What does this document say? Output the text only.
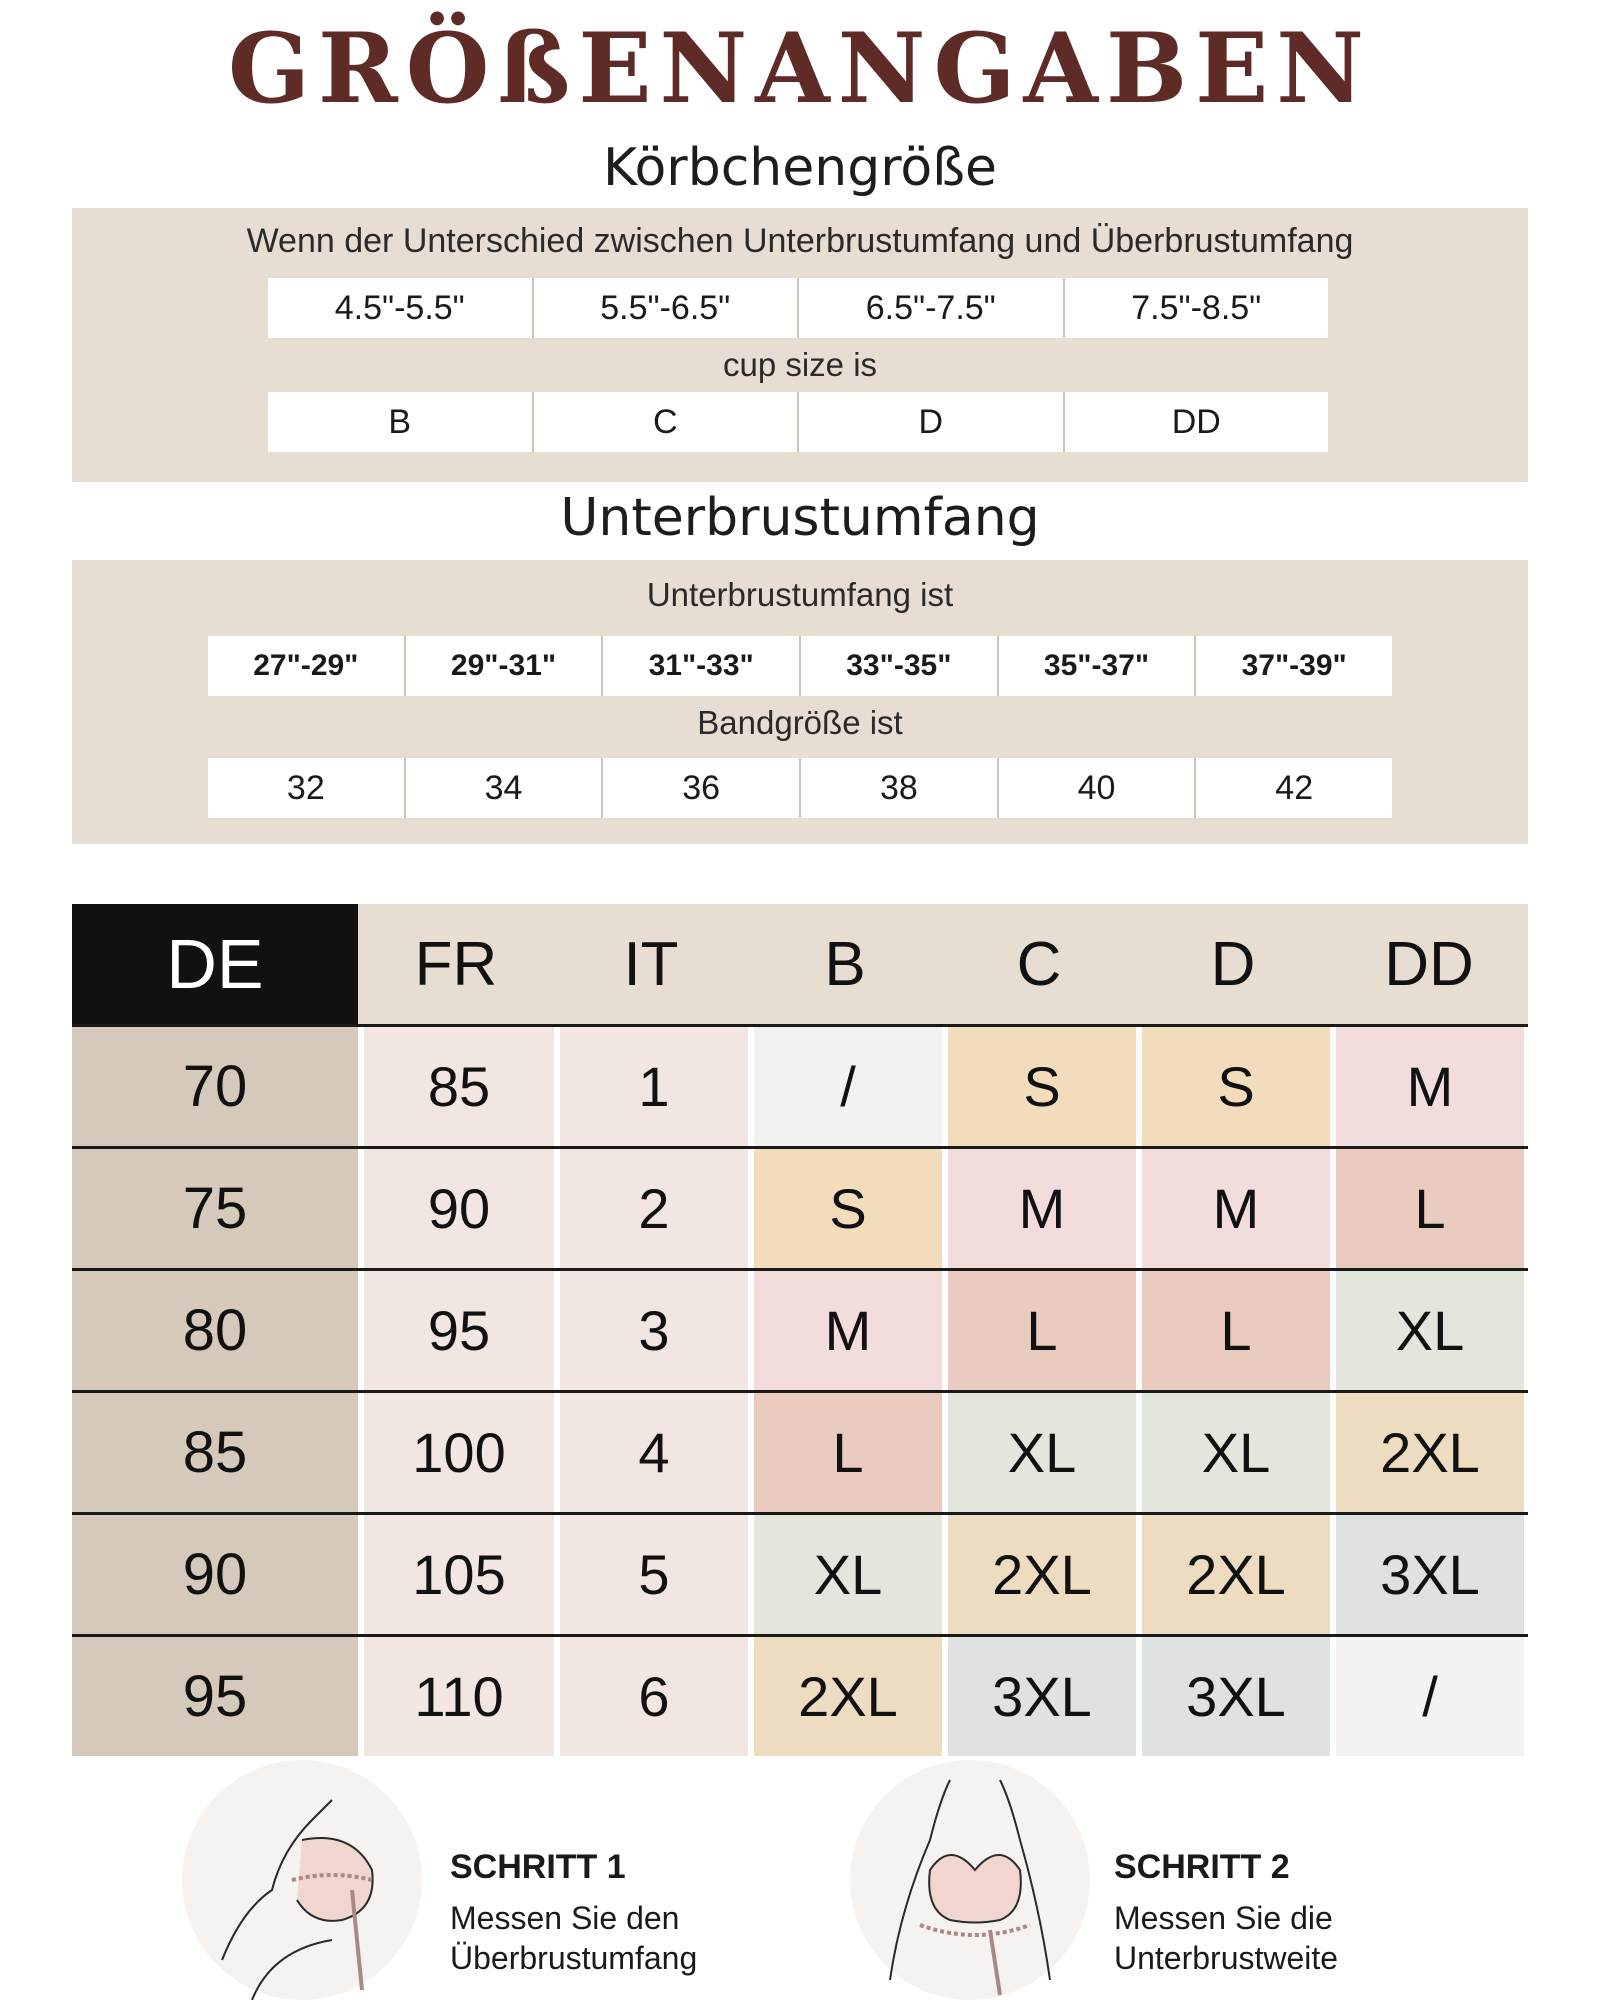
GRÖßENANGABEN
Körbchengröße
Wenn der Unterschied zwischen Unterbrustumfang und Überbrustumfang
4.5"-5.5"	5.5"-6.5"	6.5"-7.5"	7.5"-8.5"
cup size is
B	C	D	DD
Unterbrustumfang
Unterbrustumfang ist
27"-29"	29"-31"	31"-33"	33"-35"	35"-37"	37"-39"
Bandgröße ist
32	34	36	38	40	42
DE	FR	IT	B	C	D	DD
70	85	1	/	S	S	M
75	90	2	S	M	M	L
80	95	3	M	L	L	XL
85	100	4	L	XL	XL	2XL
90	105	5	XL	2XL	2XL	3XL
95	110	6	2XL	3XL	3XL	/
SCHRITT 1
Messen Sie den
Überbrustumfang
SCHRITT 2
Messen Sie die
Unterbrustweite
